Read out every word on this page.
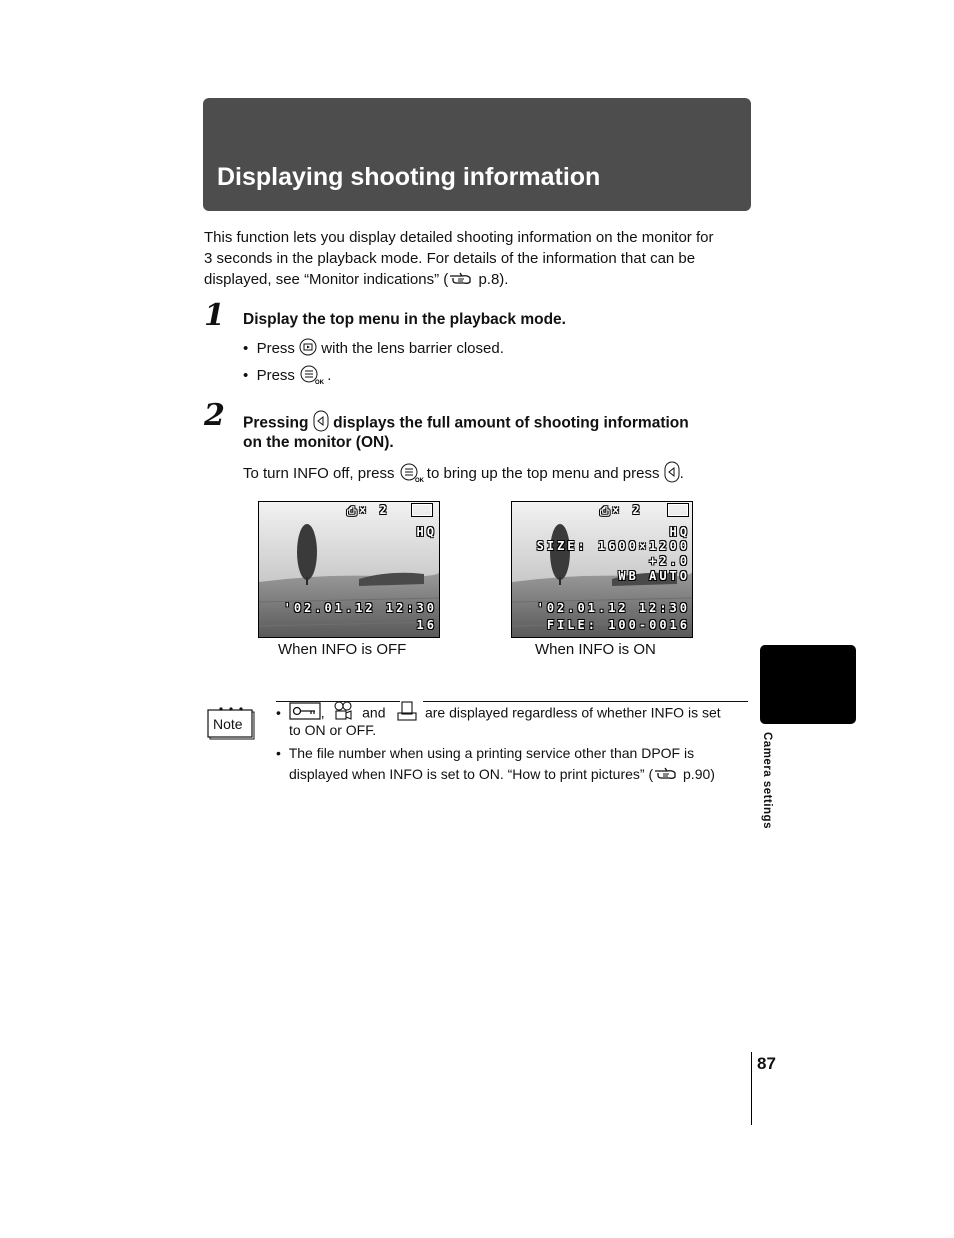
Displaying shooting information
This function lets you display detailed shooting information on the monitor for
3 seconds in the playback mode. For details of the information that can be
displayed, see “Monitor indications” ( p.8).
1 Display the top menu in the playback mode.
•  Press with the lens barrier closed.
•  Press	OK .
2 Pressing displays the full amount of shooting information
on the monitor (ON).
To turn INFO off, press	OK to bring up the top menu and press .
⎙ × 2
HQ
'02.01.12 12:30
16
When INFO is OFF
⎙ × 2
HQ
SIZE: 1600×1200
+2.0
WB AUTO
'02.01.12 12:30
FILE: 100-0016
When INFO is ON
Note
•  ,	and	are displayed regardless of whether INFO is set
to ON or OFF.
•  The file number when using a printing service other than DPOF is
displayed when INFO is set to ON. “How to print pictures” ( p.90)	Camera settings
87
